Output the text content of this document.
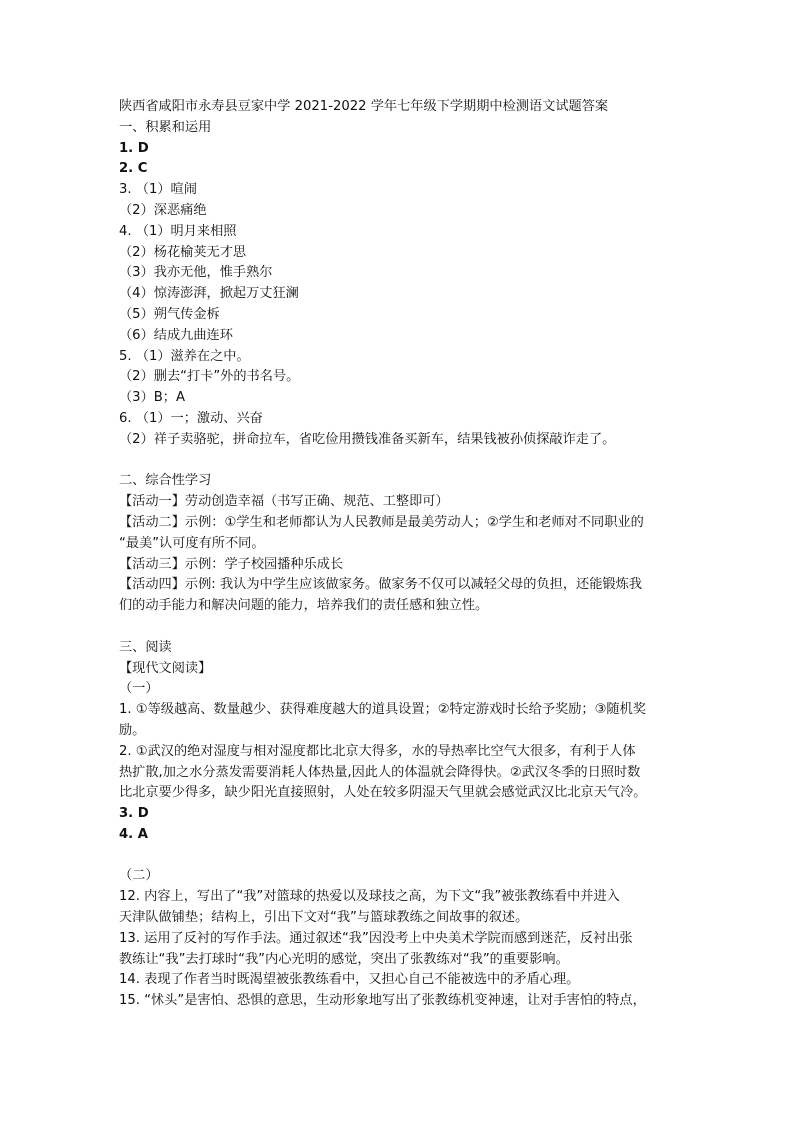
陕西省咸阳市永寿县豆家中学 2021-2022 学年七年级下学期期中检测语文试题答案
一、积累和运用
1. D
2. C
3. （1）喧闹
（2）深恶痛绝
4. （1）明月来相照
（2）杨花榆荚无才思
（3）我亦无他，惟手熟尔
（4）惊涛澎湃，掀起万丈狂澜
（5）朔气传金柝
（6）结成九曲连环
5. （1）滋养在之中。
（2）删去“打卡”外的书名号。
（3）B；A
6. （1）一；激动、兴奋
（2）祥子卖骆驼，拼命拉车，省吃俭用攒钱准备买新车，结果钱被孙侦探敲诈走了。
二、综合性学习
【活动一】劳动创造幸福（书写正确、规范、工整即可）
【活动二】示例：①学生和老师都认为人民教师是最美劳动人；②学生和老师对不同职业的
“最美”认可度有所不同。
【活动三】示例：学子校园播种乐成长
【活动四】示例: 我认为中学生应该做家务。做家务不仅可以减轻父母的负担，还能锻炼我
们的动手能力和解决问题的能力，培养我们的责任感和独立性。
三、阅读
【现代文阅读】
（一）
1. ①等级越高、数量越少、获得难度越大的道具设置；②特定游戏时长给予奖励；③随机奖
励。
2. ①武汉的绝对湿度与相对湿度都比北京大得多，水的导热率比空气大很多，有利于人体
热扩散,加之水分蒸发需要消耗人体热量,因此人的体温就会降得快。②武汉冬季的日照时数
比北京要少得多，缺少阳光直接照射，人处在较多阴湿天气里就会感觉武汉比北京天气冷。
3. D
4. A
（二）
12. 内容上，写出了“我”对篮球的热爱以及球技之高，为下文“我”被张教练看中并进入
天津队做铺垫；结构上，引出下文对“我”与篮球教练之间故事的叙述。
13. 运用了反衬的写作手法。通过叙述“我”因没考上中央美术学院而感到迷茫，反衬出张
教练让“我”去打球时“我”内心光明的感觉，突出了张教练对“我”的重要影响。
14. 表现了作者当时既渴望被张教练看中，又担心自己不能被选中的矛盾心理。
15. “怵头”是害怕、恐惧的意思，生动形象地写出了张教练机变神速，让对手害怕的特点，
